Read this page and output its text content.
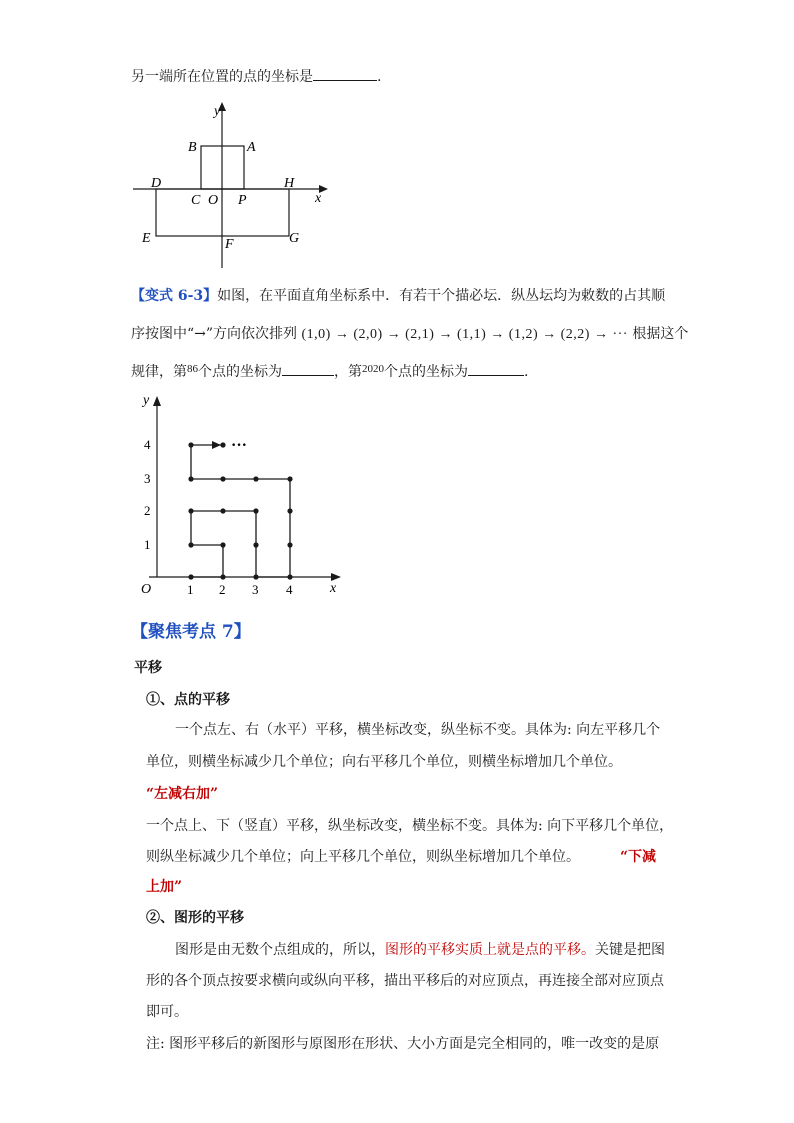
另一端所在位置的点的坐标是	.
y
x
B	A
D	H
C O P
E	F	G
【变式 6-3】如图，在平面直角坐标系中．有若干个描必坛．纵丛坛均为敕数的占其顺
序按图中“→”方向依次排列 (1,0) → (2,0) → (2,1) → (1,1) → (1,2) → (2,2) → ··· 根据这个
规律，第$^{86}$个点的坐标为	，第$^{2020}$个点的坐标为	.
···
y
x
O	1 2 3 4
1
2
3
4
【聚焦考点 7】
平移
①、点的平移
一个点左、右（水平）平移，横坐标改变，纵坐标不变。具体为: 向左平移几个
单位，则横坐标减少几个单位；向右平移几个单位，则横坐标增加几个单位。
“左减右加”
一个点上、下（竖直）平移，纵坐标改变，横坐标不变。具体为: 向下平移几个单位，
则纵坐标减少几个单位；向上平移几个单位，则纵坐标增加几个单位。	“下减
上加”
②、图形的平移
图形是由无数个点组成的，所以，图形的平移实质上就是点的平移。关键是把图
形的各个顶点按要求横向或纵向平移，描出平移后的对应顶点，再连接全部对应顶点
即可。
注: 图形平移后的新图形与原图形在形状、大小方面是完全相同的，唯一改变的是原
